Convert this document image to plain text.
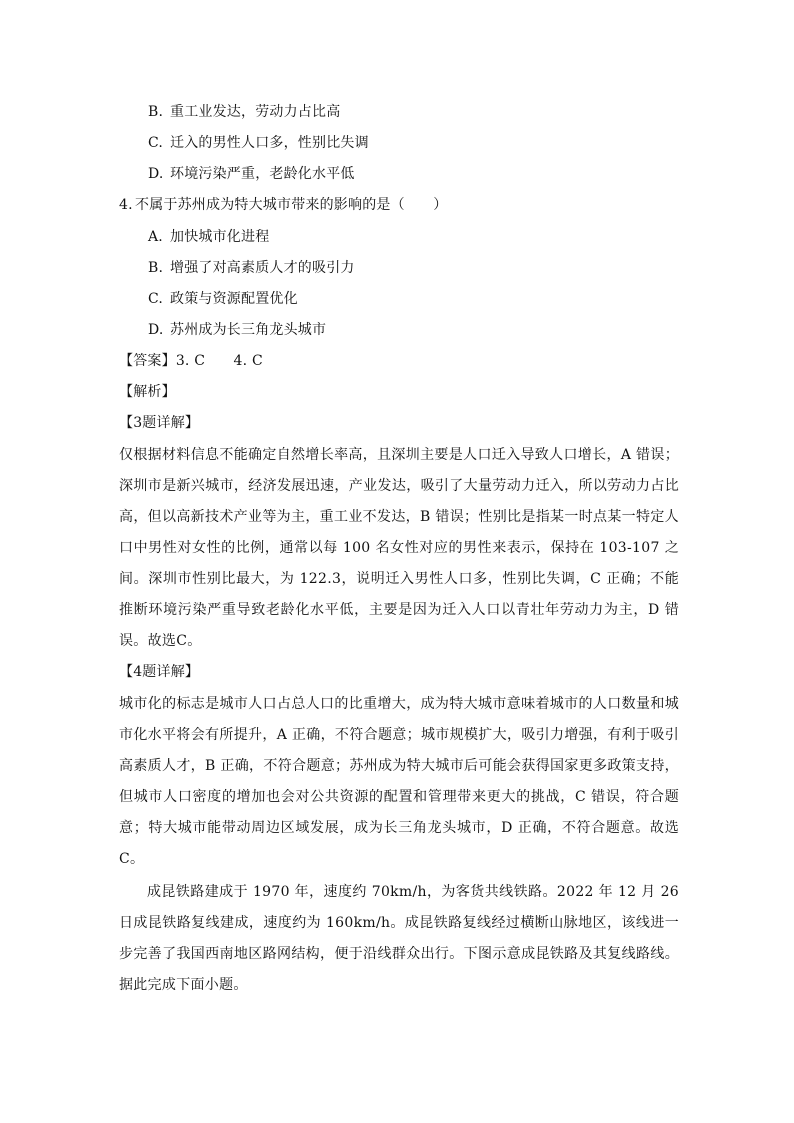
B. 重工业发达，劳动力占比高
C. 迁入的男性人口多，性别比失调
D. 环境污染严重，老龄化水平低
4. 不属于苏州成为特大城市带来的影响的是（　　）
A. 加快城市化进程
B. 增强了对高素质人才的吸引力
C. 政策与资源配置优化
D. 苏州成为长三角龙头城市
【答案】3. C　　4. C
【解析】
【3题详解】

仅根据材料信息不能确定自然增长率高，且深圳主要是人口迁入导致人口增长，A 错误；深圳市是新兴城市，经济发展迅速，产业发达，吸引了大量劳动力迁入，所以劳动力占比高，但以高新技术产业等为主，重工业不发达，B 错误；性别比是指某一时点某一特定人口中男性对女性的比例，通常以每 100 名女性对应的男性来表示，保持在 103-107 之间。深圳市性别比最大，为 122.3，说明迁入男性人口多，性别比失调，C 正确；不能推断环境污染严重导致老龄化水平低，主要是因为迁入人口以青壮年劳动力为主，D 错误。故选C。

【4题详解】

城市化的标志是城市人口占总人口的比重增大，成为特大城市意味着城市的人口数量和城市化水平将会有所提升，A 正确，不符合题意；城市规模扩大，吸引力增强，有利于吸引高素质人才，B 正确，不符合题意；苏州成为特大城市后可能会获得国家更多政策支持，但城市人口密度的增加也会对公共资源的配置和管理带来更大的挑战，C 错误，符合题意；特大城市能带动周边区域发展，成为长三角龙头城市，D 正确，不符合题意。故选C。

成昆铁路建成于 1970 年，速度约 70km/h，为客货共线铁路。2022 年 12 月 26 日成昆铁路复线建成，速度约为 160km/h。成昆铁路复线经过横断山脉地区，该线进一步完善了我国西南地区路网结构，便于沿线群众出行。下图示意成昆铁路及其复线路线。据此完成下面小题。
